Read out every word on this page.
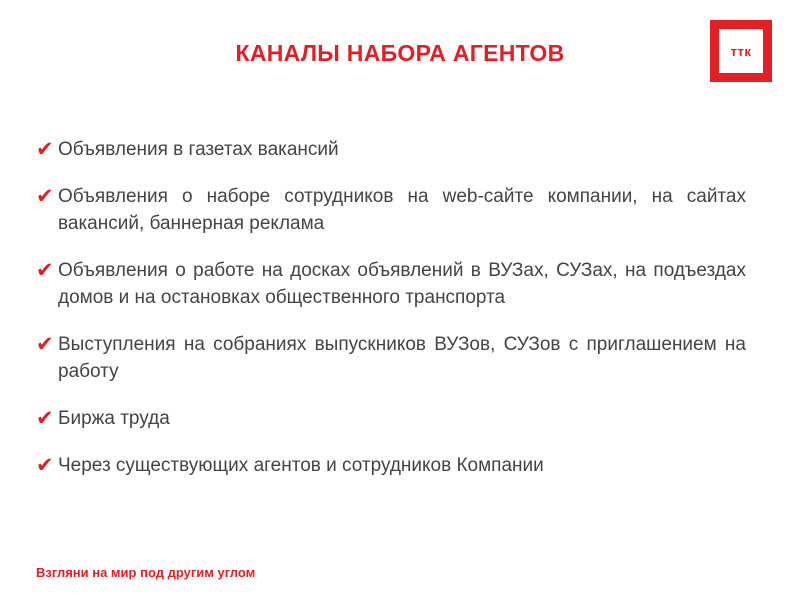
КАНАЛЫ НАБОРА АГЕНТОВ	ттк
✔ Объявления в газетах вакансий
✔ Объявления о наборе сотрудников на web-сайте компании, на сайтах вакансий, баннерная реклама
✔ Объявления о работе на досках объявлений в ВУЗах, СУЗах, на подъездах домов и на остановках общественного транспорта
✔ Выступления на собраниях выпускников ВУЗов, СУЗов с приглашением на работу
✔ Биржа труда
✔ Через существующих агентов и сотрудников Компании
Взгляни на мир под другим углом
